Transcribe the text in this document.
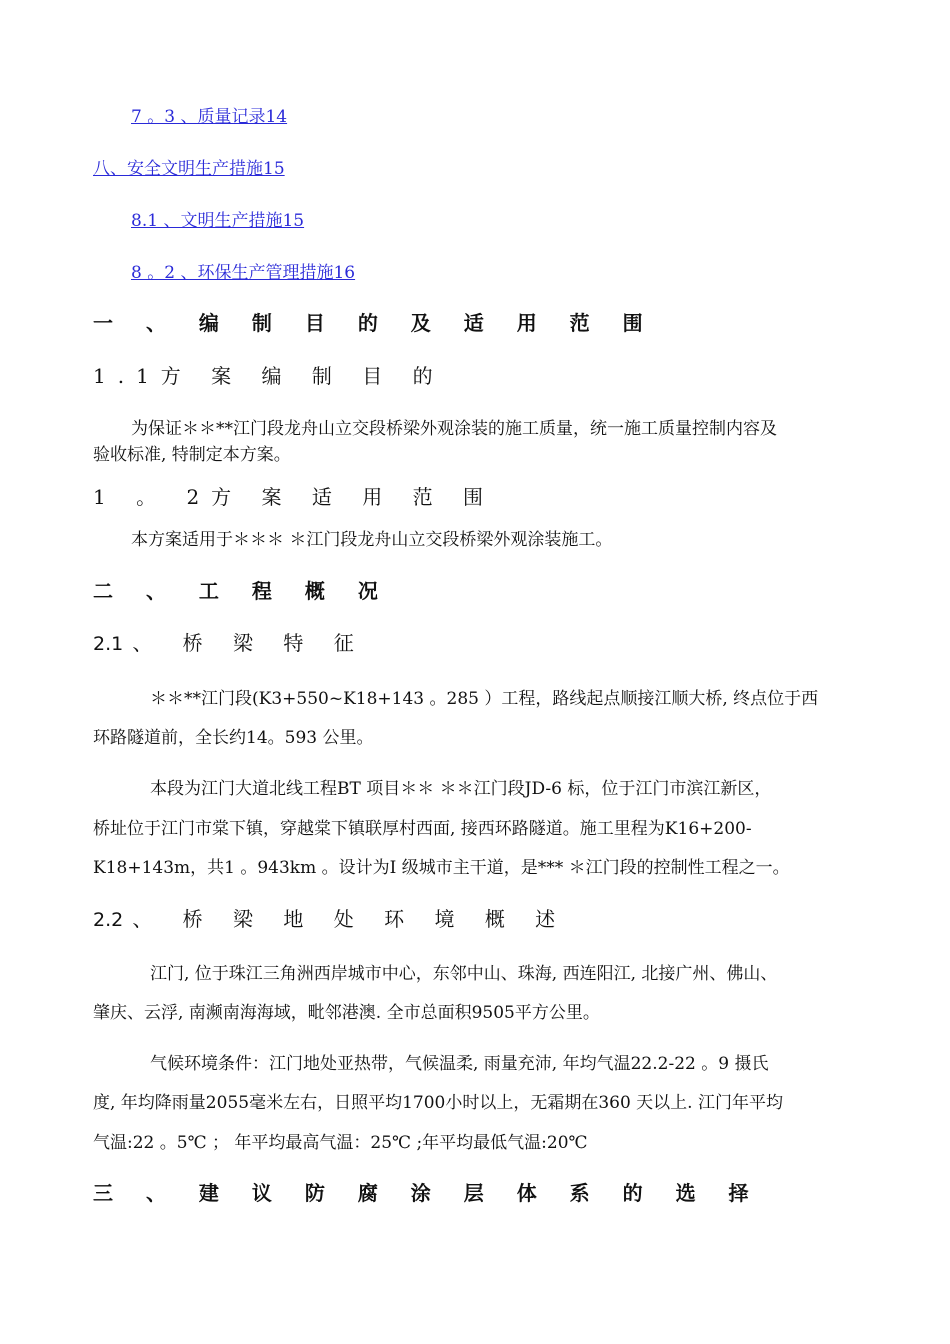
7 。3 、质量记录14
八、安全文明生产措施15
8.1 、文明生产措施15
8 。2 、环保生产管理措施16
一 、 编 制 目 的 及 适 用 范 围
1.1方 案 编 制 目 的
为保证＊＊**江门段龙舟山立交段桥梁外观涂装的施工质量，统一施工质量控制内容及
验收标准, 特制定本方案。
1 。 2方 案 适 用 范 围
本方案适用于＊＊＊ ＊江门段龙舟山立交段桥梁外观涂装施工。
二 、 工 程 概 况
2.1 、 桥 梁 特 征
＊＊**江门段(K3+550~K18+143 。285 ）工程，路线起点顺接江顺大桥, 终点位于西
环路隧道前，全长约14。593 公里。
本段为江门大道北线工程BT 项目＊＊ ＊＊江门段JD-6 标，位于江门市滨江新区，
桥址位于江门市棠下镇，穿越棠下镇联厚村西面, 接西环路隧道。施工里程为K16+200-
K18+143m，共1 。943km 。设计为I 级城市主干道，是*** ＊江门段的控制性工程之一。
2.2 、 桥 梁 地 处 环 境 概 述
江门, 位于珠江三角洲西岸城市中心，东邻中山、珠海, 西连阳江, 北接广州、佛山、
肇庆、云浮, 南濒南海海域，毗邻港澳. 全市总面积9505平方公里。
气候环境条件：江门地处亚热带，气候温柔, 雨量充沛, 年均气温22.2-22 。9 摄氏
度, 年均降雨量2055毫米左右，日照平均1700小时以上，无霜期在360 天以上. 江门年平均
气温:22 。5℃ ； 年平均最高气温：25℃ ;年平均最低气温:20℃
三 、 建 议 防 腐 涂 层 体 系 的 选 择
